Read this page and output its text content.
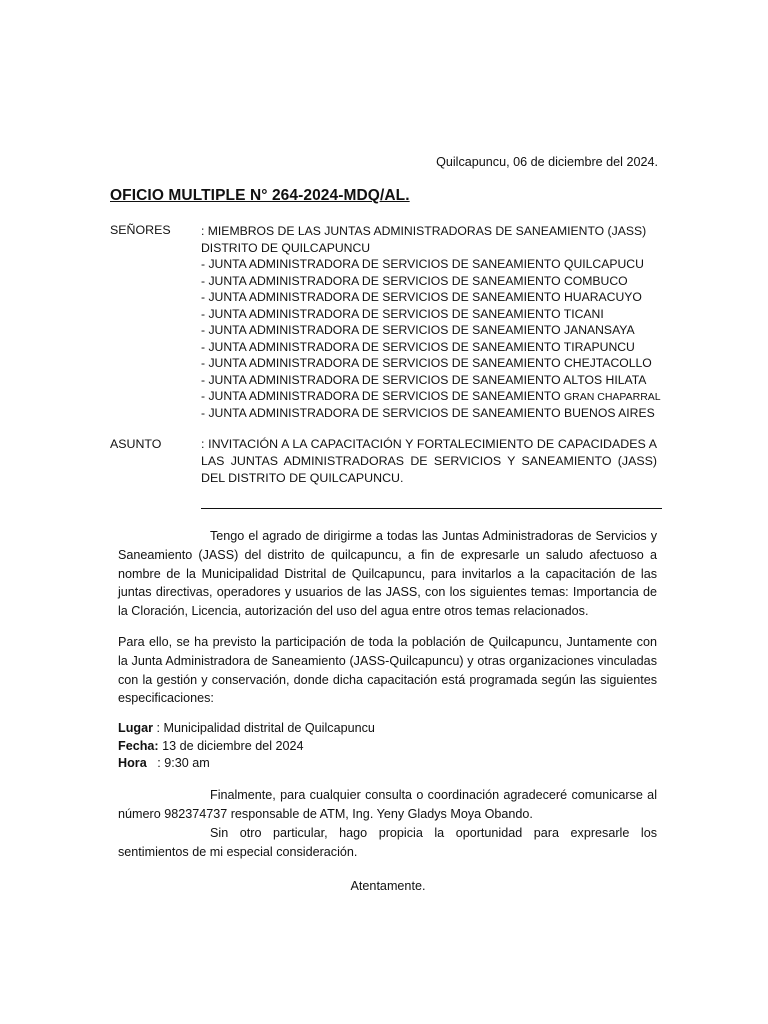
Quilcapuncu, 06 de diciembre del 2024.
OFICIO MULTIPLE N° 264-2024-MDQ/AL.
SEÑORES : MIEMBROS DE LAS JUNTAS ADMINISTRADORAS DE SANEAMIENTO (JASS)
DISTRITO DE QUILCAPUNCU
- JUNTA ADMINISTRADORA DE SERVICIOS DE SANEAMIENTO QUILCAPUCU
- JUNTA ADMINISTRADORA DE SERVICIOS DE SANEAMIENTO COMBUCO
- JUNTA ADMINISTRADORA DE SERVICIOS DE SANEAMIENTO HUARACUYO
- JUNTA ADMINISTRADORA DE SERVICIOS DE SANEAMIENTO TICANI
- JUNTA ADMINISTRADORA DE SERVICIOS DE SANEAMIENTO JANANSAYA
- JUNTA ADMINISTRADORA DE SERVICIOS DE SANEAMIENTO TIRAPUNCU
- JUNTA ADMINISTRADORA DE SERVICIOS DE SANEAMIENTO CHEJTACOLLO
- JUNTA ADMINISTRADORA DE SERVICIOS DE SANEAMIENTO ALTOS HILATA
- JUNTA ADMINISTRADORA DE SERVICIOS DE SANEAMIENTO GRAN CHAPARRAL
- JUNTA ADMINISTRADORA DE SERVICIOS DE SANEAMIENTO BUENOS AIRES
ASUNTO	: INVITACIÓN A LA CAPACITACIÓN Y FORTALECIMIENTO DE CAPACIDADES A LAS JUNTAS ADMINISTRADORAS DE SERVICIOS Y SANEAMIENTO (JASS) DEL DISTRITO DE QUILCAPUNCU.
Tengo el agrado de dirigirme a todas las Juntas Administradoras de Servicios y Saneamiento (JASS) del distrito de quilcapuncu, a fin de expresarle un saludo afectuoso a nombre de la Municipalidad Distrital de Quilcapuncu, para invitarlos a la capacitación de las juntas directivas, operadores y usuarios de las JASS, con los siguientes temas: Importancia de la Cloración, Licencia, autorización del uso del agua entre otros temas relacionados.
Para ello, se ha previsto la participación de toda la población de Quilcapuncu, Juntamente con la Junta Administradora de Saneamiento (JASS-Quilcapuncu) y otras organizaciones vinculadas con la gestión y conservación, donde dicha capacitación está programada según las siguientes especificaciones:
Lugar : Municipalidad distrital de Quilcapuncu
Fecha: 13 de diciembre del 2024
Hora   : 9:30 am
Finalmente, para cualquier consulta o coordinación agradeceré comunicarse al número 982374737 responsable de ATM, Ing. Yeny Gladys Moya Obando.
Sin otro particular, hago propicia la oportunidad para expresarle los sentimientos de mi especial consideración.
Atentamente.
